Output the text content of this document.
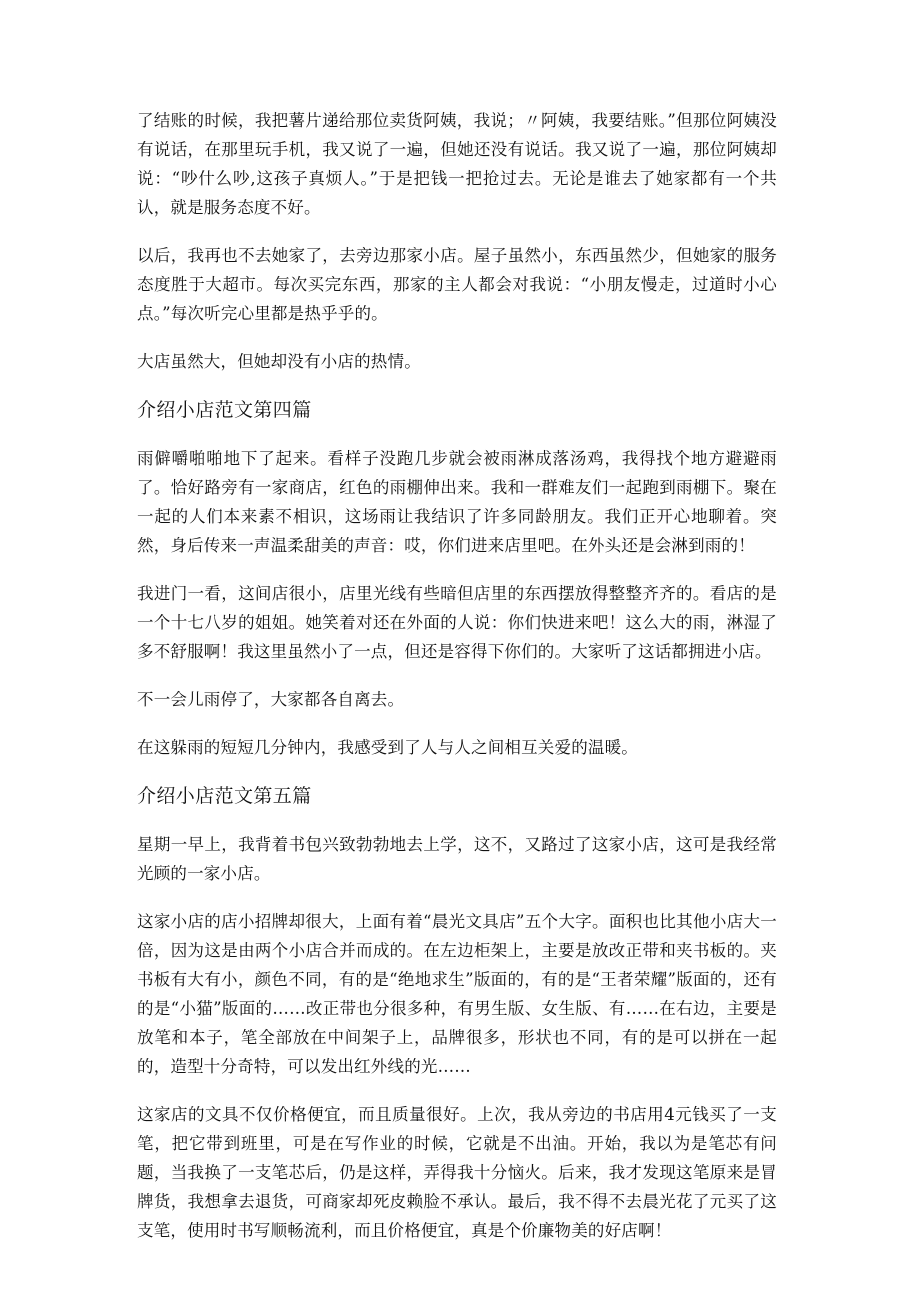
了结账的时候，我把薯片递给那位卖货阿姨，我说；〃阿姨，我要结账。”但那位阿姨没有说话，在那里玩手机，我又说了一遍，但她还没有说话。我又说了一遍，那位阿姨却说：“吵什么吵,这孩子真烦人。”于是把钱一把抢过去。无论是谁去了她家都有一个共认，就是服务态度不好。

以后，我再也不去她家了，去旁边那家小店。屋子虽然小，东西虽然少，但她家的服务态度胜于大超市。每次买完东西，那家的主人都会对我说：“小朋友慢走，过道时小心点。”每次听完心里都是热乎乎的。

大店虽然大，但她却没有小店的热情。

介绍小店范文第四篇

雨僻嚼啪啪地下了起来。看样子没跑几步就会被雨淋成落汤鸡，我得找个地方避避雨了。恰好路旁有一家商店，红色的雨棚伸出来。我和一群难友们一起跑到雨棚下。聚在一起的人们本来素不相识，这场雨让我结识了许多同龄朋友。我们正开心地聊着。突然，身后传来一声温柔甜美的声音：哎，你们进来店里吧。在外头还是会淋到雨的！

我进门一看，这间店很小，店里光线有些暗但店里的东西摆放得整整齐齐的。看店的是一个十七八岁的姐姐。她笑着对还在外面的人说：你们快进来吧！这么大的雨，淋湿了多不舒服啊！我这里虽然小了一点，但还是容得下你们的。大家听了这话都拥进小店。

不一会儿雨停了，大家都各自离去。

在这躲雨的短短几分钟内，我感受到了人与人之间相互关爱的温暖。

介绍小店范文第五篇

星期一早上，我背着书包兴致勃勃地去上学，这不，又路过了这家小店，这可是我经常光顾的一家小店。

这家小店的店小招牌却很大，上面有着“晨光文具店”五个大字。面积也比其他小店大一倍，因为这是由两个小店合并而成的。在左边柜架上，主要是放改正带和夹书板的。夹书板有大有小，颜色不同，有的是“绝地求生”版面的，有的是“王者荣耀”版面的，还有的是“小猫”版面的……改正带也分很多种，有男生版、女生版、有……在右边，主要是放笔和本子，笔全部放在中间架子上，品牌很多，形状也不同，有的是可以拼在一起的，造型十分奇特，可以发出红外线的光……

这家店的文具不仅价格便宜，而且质量很好。上次，我从旁边的书店用4元钱买了一支笔，把它带到班里，可是在写作业的时候，它就是不出油。开始，我以为是笔芯有问题，当我换了一支笔芯后，仍是这样，弄得我十分恼火。后来，我才发现这笔原来是冒牌货，我想拿去退货，可商家却死皮赖脸不承认。最后，我不得不去晨光花了元买了这支笔，使用时书写顺畅流利，而且价格便宜，真是个价廉物美的好店啊！
